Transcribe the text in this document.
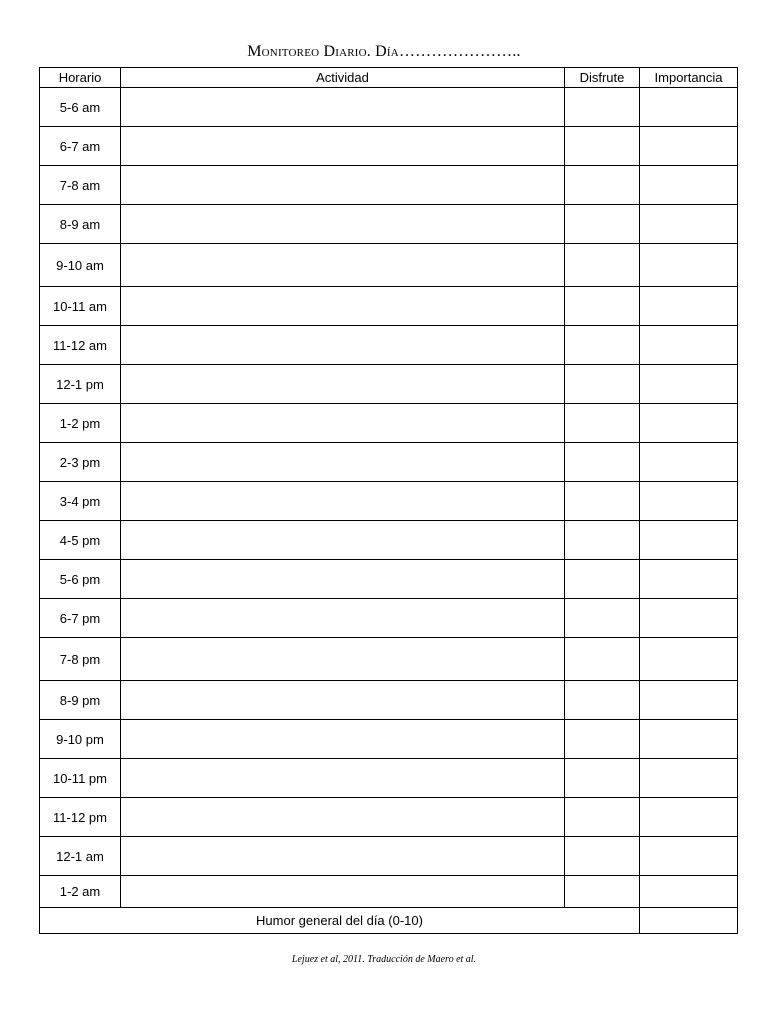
Monitoreo Diario. Día…………………..
Horario	Actividad	Disfrute	Importancia
5-6 am			
6-7 am			
7-8 am			
8-9 am			
9-10 am			
10-11 am			
11-12 am			
12-1 pm			
1-2 pm			
2-3 pm			
3-4 pm			
4-5 pm			
5-6 pm			
6-7 pm			
7-8 pm			
8-9 pm			
9-10 pm			
10-11 pm			
11-12 pm			
12-1 am			
1-2 am			
Humor general del día (0-10)			
Lejuez et al, 2011. Traducción de Maero et al.
